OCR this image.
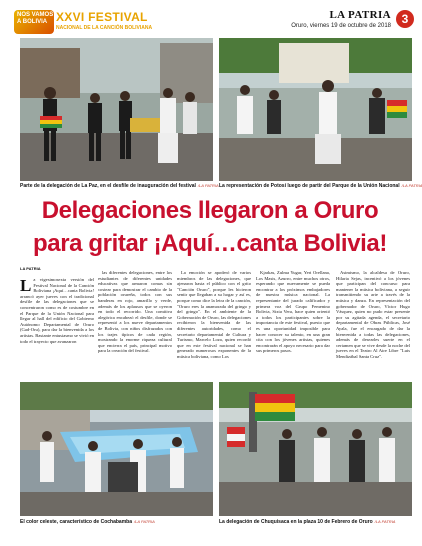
NOS VAMOS A BOLIVIA XXVI FESTIVAL
NACIONAL DE LA CANCIÓN BOLIVIANA
LA PATRIA
Oruro, viernes 19 de octubre de 2018 3
Parte de la delegación de La Paz, en el desfile de inauguración del festival /LA PATRIA La representación de Potosí luego de partir del Parque de la Unión Nacional /LA PATRIA
Delegaciones llegaron a Oruro
para gritar ¡Aquí…canta Bolivia!
LA PATRIA
L a vigesimosexta versión del Festival Nacional de la Canción Boliviana ¡Aquí…canta Bolivia! arrancó ayer jueves con el tradicional desfile de las delegaciones que se concentraron como es de costumbre en el Parque de la Unión Nacional para llegar al hall del edificio del Gobierno Autónomo Departamental de Oruro (Gad-Oru), para dar la bienvenida a los artistas. Bastante entusiasmo se vivió en todo el trayecto que avanzaron

las diferentes delegaciones, entre los estudiantes de diferentes unidades educativas que armaron comas sin costear para demostrar el cambio de la población orureña, todos con sus banderas en rojo, amarillo y verde, además de los aplausos que se oyeron en todo el recorrido. Una comitiva alegórica encabezó el desfile, donde se representó a los nueve departamentos de Bolivia, con niños disfrazados con los trajes típicos de cada región, mostrando la enorme riqueza cultural que encierra el país, principal motivo para la creación del festival.

La emoción se apoderó de varios miembros de las delegaciones, que ajenaron hasta el público con el grito "Canción Oruro", porque les hicieron sentir que llegaban a su hogar y así es, porque como dice la letra de la canción, "Oruro eres la anamorada del gringo y del gringo". En el ambiente de la Gobernación de Oruro, las delegaciones recibieron la bienvenida de las diferentes autoridades, como el secretario departamental de Cultura y Turismo, Marcelo Loza, quien recordó que en este festival nacional se han generado numerosos exponentes de la música boliviana, como Los

Kjarkas, Zulma Yugar, Yeri Orellana, Los Masis, Azurro, entre muchos otros, esperando que nuevamente se pueda encontrar a los próximos embajadores de nuestra música nacional. La representante del jurado calificador y primera voz del Grupo Femenino Bolivia, Sixta Vera, hace quien orientó a todos los participantes sobre la importancia de este festival, puesto que es una oportunidad imposible para hacer conocer su talento, en una gran cita con los jóvenes artistas, quienes encontrarán el apoyo necesario para dar sus primeros pasos.

Asimismo, la alcaldesa de Oruro, Hilaria Sejas, incentivó a los jóvenes que participan del concurso para mantener la música boliviana, a seguir transmitiendo su arte a través de la música y danza. En representación del gobernador de Oruro, Víctor Hugo Vásquez, quien no pudo estar presente por su agitada agenda, el secretario departamental de Obras Públicas, José Ayala, fue el encargado de dar la bienvenida a todas las delegaciones, además de desearles suerte en el certamen que se vive desde la noche del jueves en el Teatro Al Aire Libre "Luis Mendizábal Santa Cruz".

El color celeste, característico de Cochabamba /LA PATRIA	La delegación de Chuquisaca en la plaza 10 de Febrero de Oruro /LA PATRIA
